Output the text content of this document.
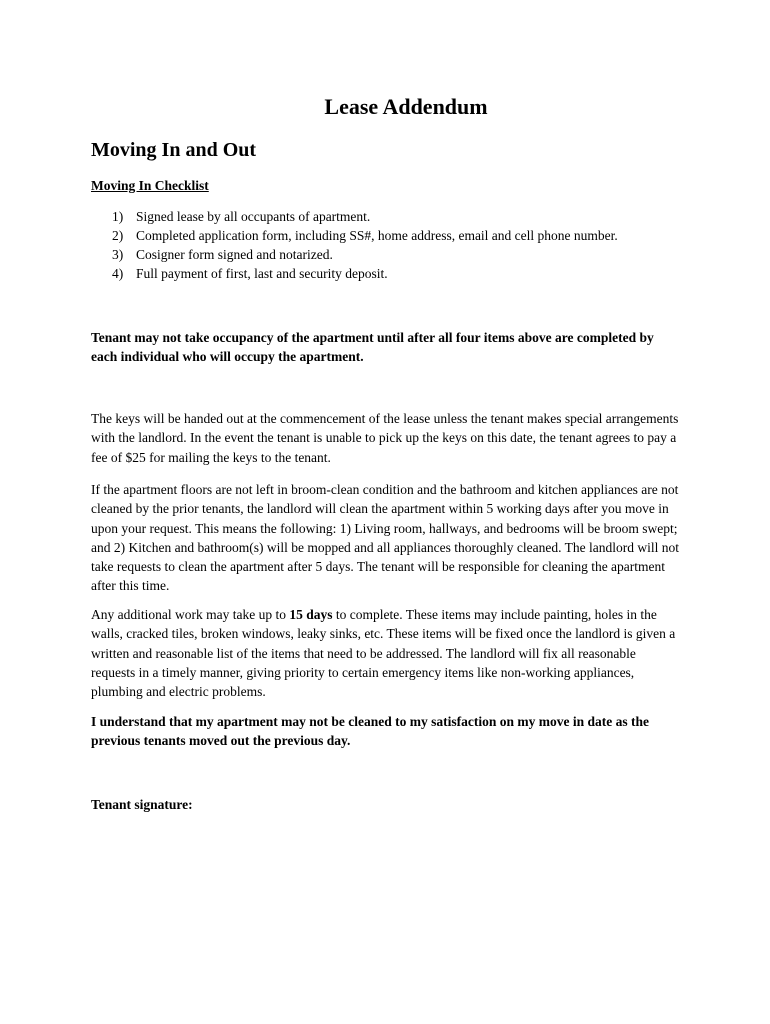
Lease Addendum
Moving In and Out
Moving In Checklist
1) Signed lease by all occupants of apartment.
2) Completed application form, including SS#, home address, email and cell phone number.
3) Cosigner form signed and notarized.
4) Full payment of first, last and security deposit.

Tenant may not take occupancy of the apartment until after all four items above are completed by each individual who will occupy the apartment.

The keys will be handed out at the commencement of the lease unless the tenant makes special arrangements with the landlord. In the event the tenant is unable to pick up the keys on this date, the tenant agrees to pay a fee of $25 for mailing the keys to the tenant.

If the apartment floors are not left in broom-clean condition and the bathroom and kitchen appliances are not cleaned by the prior tenants, the landlord will clean the apartment within 5 working days after you move in upon your request. This means the following: 1) Living room, hallways, and bedrooms will be broom swept; and 2) Kitchen and bathroom(s) will be mopped and all appliances thoroughly cleaned. The landlord will not take requests to clean the apartment after 5 days. The tenant will be responsible for cleaning the apartment after this time.

Any additional work may take up to 15 days to complete. These items may include painting, holes in the walls, cracked tiles, broken windows, leaky sinks, etc. These items will be fixed once the landlord is given a written and reasonable list of the items that need to be addressed. The landlord will fix all reasonable requests in a timely manner, giving priority to certain emergency items like non-working appliances, plumbing and electric problems.

I understand that my apartment may not be cleaned to my satisfaction on my move in date as the previous tenants moved out the previous day.

Tenant signature:
